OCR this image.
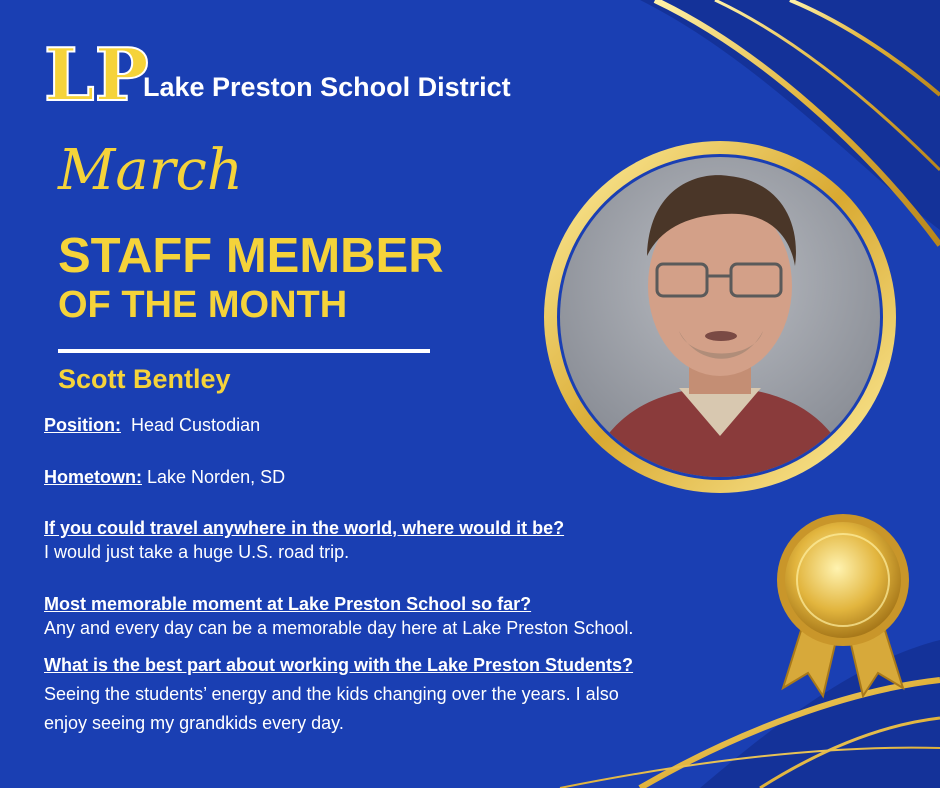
LP
Lake Preston School District
March
STAFF MEMBER
OF THE MONTH
Scott Bentley
Position: Head Custodian
Hometown: Lake Norden, SD
If you could travel anywhere in the world, where would it be?
I would just take a huge U.S. road trip.
Most memorable moment at Lake Preston School so far?
Any and every day can be a memorable day here at Lake Preston School.
What is the best part about working with the Lake Preston Students?
Seeing the students’ energy and the kids changing over the years. I also
enjoy seeing my grandkids every day.
